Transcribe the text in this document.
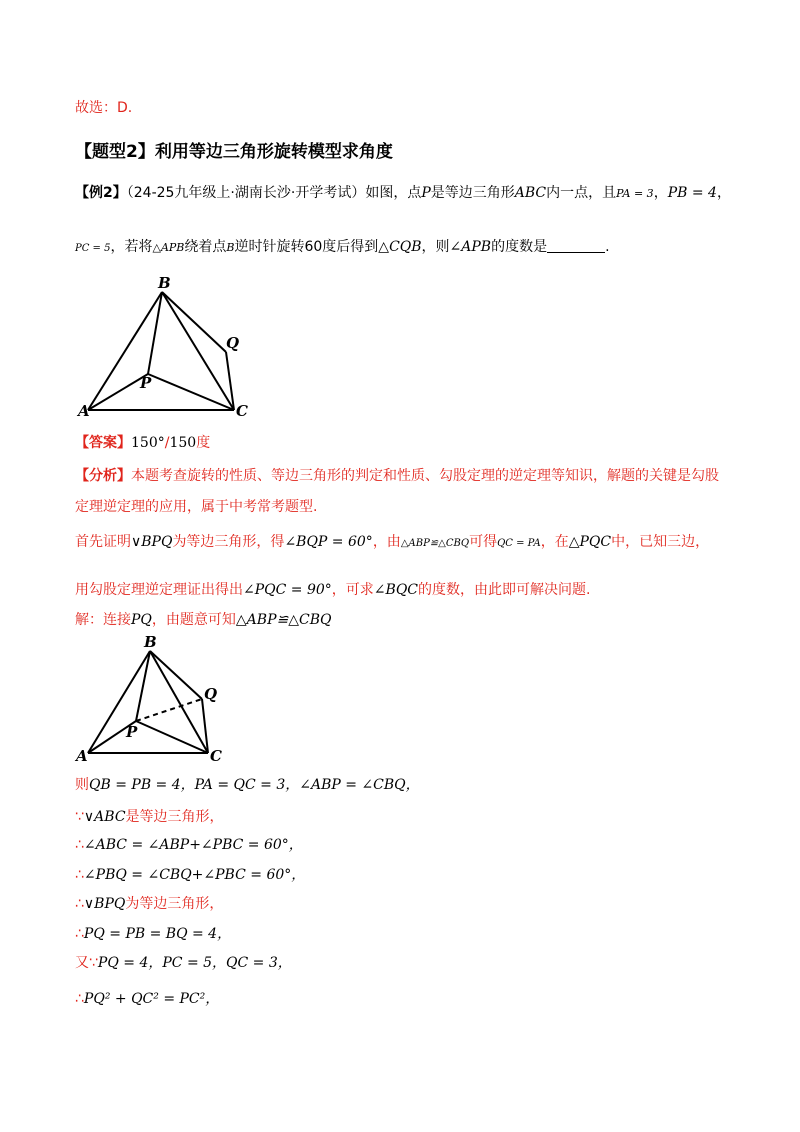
故选：D.
【题型2】利用等边三角形旋转模型求角度
【例2】（24-25九年级上·湖南长沙·开学考试）如图，点P是等边三角形ABC内一点，且PA = 3，PB = 4，
PC = 5，若将△APB绕着点B逆时针旋转60度后得到△CQB，则∠APB的度数是	.
B
Q
P
A	C
【答案】150°/150度
【分析】本题考查旋转的性质、等边三角形的判定和性质、勾股定理的逆定理等知识，解题的关键是勾股
定理逆定理的应用，属于中考常考题型.
首先证明∨BPQ为等边三角形，得∠BQP = 60°，由△ABP≌△CBQ可得QC = PA，在△PQC中，已知三边，
用勾股定理逆定理证出得出∠PQC = 90°，可求∠BQC的度数，由此即可解决问题.
解：连接PQ，由题意可知△ABP≌△CBQ
B
Q
P
A	C
则QB = PB = 4，PA = QC = 3，∠ABP = ∠CBQ，
∵∨ABC是等边三角形，
∴∠ABC = ∠ABP+∠PBC = 60°，
∴∠PBQ = ∠CBQ+∠PBC = 60°，
∴∨BPQ为等边三角形，
∴PQ = PB = BQ = 4，
又∵PQ = 4，PC = 5，QC = 3，
∴PQ² + QC² = PC²，
